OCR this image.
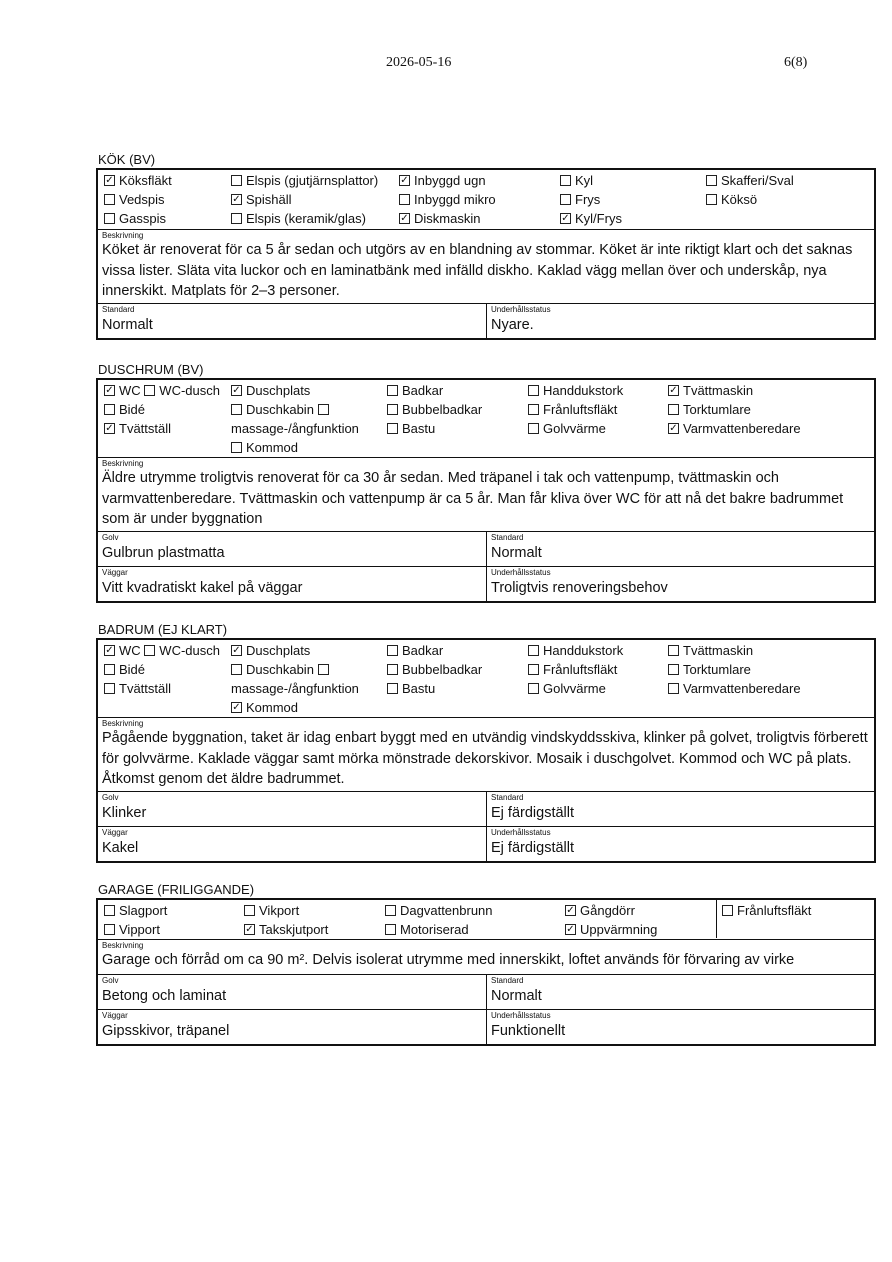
2026-05-16	6(8)
KÖK (BV)
✓Köksfläkt
Vedspis
Gasspis
Elspis (gjutjärnsplattor)
✓Spishäll
Elspis (keramik/glas)
✓Inbyggd ugn
Inbyggd mikro
✓Diskmaskin
Kyl
Frys
✓Kyl/Frys
Skafferi/Sval
Köksö
Beskrivning
Köket är renoverat för ca 5 år sedan och utgörs av en blandning av stommar. Köket är inte riktigt klart och det saknas vissa lister. Släta vita luckor och en laminatbänk med infälld diskho. Kaklad vägg mellan över och underskåp, nya innerskikt. Matplats för 2–3 personer.
Standard
Normalt
Underhållsstatus
Nyare.
DUSCHRUM (BV)
✓WC WC-dusch
Bidé
✓Tvättställ
✓Duschplats
Duschkabin
massage-/ångfunktion
Kommod
Badkar
Bubbelbadkar
Bastu
Handdukstork
Frånluftsfläkt
Golvvärme
✓Tvättmaskin
Torktumlare
✓Varmvattenberedare
Beskrivning
Äldre utrymme troligtvis renoverat för ca 30 år sedan. Med träpanel i tak och vattenpump, tvättmaskin och varmvattenberedare. Tvättmaskin och vattenpump är ca 5 år. Man får kliva över WC för att nå det bakre badrummet som är under byggnation
Golv
Gulbrun plastmatta
Standard
Normalt
Väggar
Vitt kvadratiskt kakel på väggar
Underhållsstatus
Troligtvis renoveringsbehov
BADRUM (EJ KLART)
✓WC WC-dusch
Bidé
Tvättställ
✓Duschplats
Duschkabin
massage-/ångfunktion
✓Kommod
Badkar
Bubbelbadkar
Bastu
Handdukstork
Frånluftsfläkt
Golvvärme
Tvättmaskin
Torktumlare
Varmvattenberedare
Beskrivning
Pågående byggnation, taket är idag enbart byggt med en utvändig vindskyddsskiva, klinker på golvet, troligtvis förberett för golvvärme. Kaklade väggar samt mörka mönstrade dekorskivor. Mosaik i duschgolvet. Kommod och WC på plats. Åtkomst genom det äldre badrummet.
Golv
Klinker
Standard
Ej färdigställt
Väggar
Kakel
Underhållsstatus
Ej färdigställt
GARAGE (FRILIGGANDE)
Slagport
Vipport
Vikport
✓Takskjutport
Dagvattenbrunn
Motoriserad
✓Gångdörr
✓Uppvärmning
Frånluftsfläkt
Beskrivning
Garage och förråd om ca 90 m². Delvis isolerat utrymme med innerskikt, loftet används för förvaring av virke
Golv
Betong och laminat
Standard
Normalt
Väggar
Gipsskivor, träpanel
Underhållsstatus
Funktionellt
